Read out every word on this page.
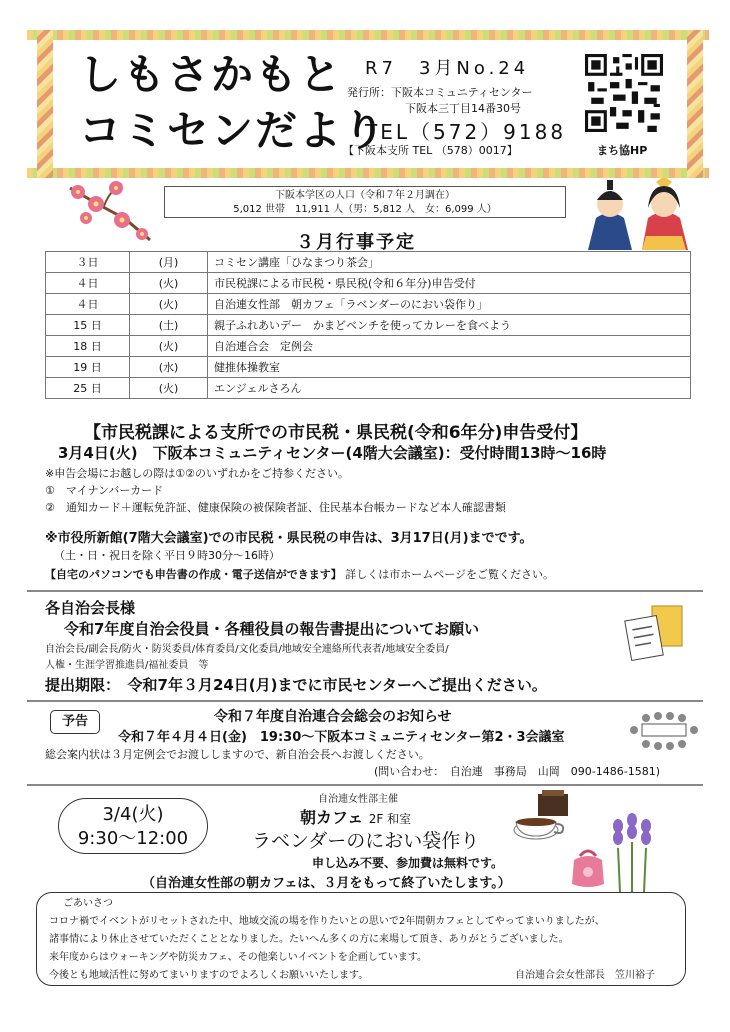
しもさかもと
コミセンだより
R7　3月No.24
発行所：下阪本コミュニティセンター
下阪本三丁目14番30号
TEL（572）9188
【下阪本支所 TEL （578）0017】	まち協HP
下阪本学区の人口（令和７年２月調在）
5,012 世帯　11,911 人（男：5,812 人　女：6,099 人）
３月行事予定
３日	(月)	コミセン講座「ひなまつり茶会」
４日	(火)	市民税課による市民税・県民税(令和６年分)申告受付
４日	(火)	自治連女性部　朝カフェ「ラベンダーのにおい袋作り」
15 日	(土)	親子ふれあいデー　かまどベンチを使ってカレーを食べよう
18 日	(火)	自治連合会　定例会
19 日	(水)	健推体操教室
25 日	(火)	エンジェルさろん
【市民税課による支所での市民税・県民税(令和6年分)申告受付】
3月4日(火)　下阪本コミュニティセンター(4階大会議室)：受付時間13時～16時
※申告会場にお越しの際は①②のいずれかをご持参ください。
①　マイナンバーカード
②　通知カード＋運転免許証、健康保険の被保険者証、住民基本台帳カードなど本人確認書類
※市役所新館(7階大会議室)での市民税・県民税の申告は、3月17日(月)までです。
（土・日・祝日を除く平日９時30分～16時）
【自宅のパソコンでも申告書の作成・電子送信ができます】 詳しくは市ホームページをご覧ください。
各自治会長様
令和7年度自治会役員・各種役員の報告書提出についてお願い
自治会長/副会長/防火・防災委員/体育委員/文化委員/地域安全連絡所代表者/地域安全委員/
人権・生涯学習推進員/福祉委員　等
提出期限：　令和7年３月24日(月)までに市民センターへご提出ください。
予告	令和７年度自治連合会総会のお知らせ
令和７年４月４日(金)　19:30～下阪本コミュニティセンター第2・3会議室
総会案内状は３月定例会でお渡ししますので、新自治会長へお渡しください。
(問い合わせ：　自治連　事務局　山岡　090-1486-1581)
3/4(火)
9:30～12:00
自治連女性部主催
朝カフェ 2F 和室
ラベンダーのにおい袋作り
申し込み不要、参加費は無料です。
（自治連女性部の朝カフェは、３月をもって終了いたします。）
ごあいさつ
コロナ禍でイベントがリセットされた中、地域交流の場を作りたいとの思いで2年間朝カフェとしてやってまいりましたが、
諸事情により休止させていただくこととなりました。たいへん多くの方に来場して頂き、ありがとうございました。
来年度からはウォーキングや防災カフェ、その他楽しいイベントを企画しています。
今後とも地域活性に努めてまいりますのでよろしくお願いいたします。	自治連合会女性部長　笠川裕子
